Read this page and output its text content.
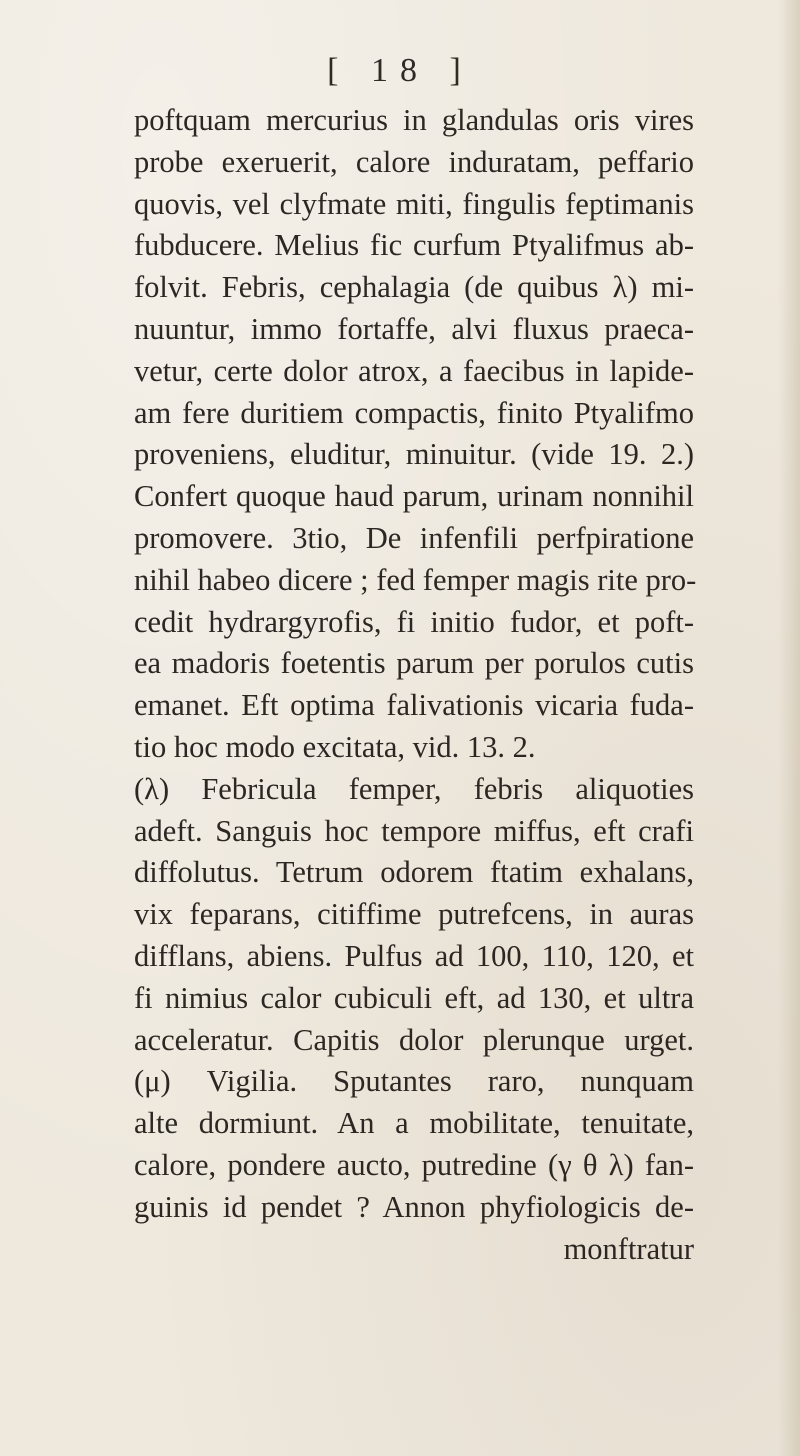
[ 18 ]
poftquam mercurius in glandulas oris vires
probe exeruerit, calore induratam, peffario
quovis, vel clyfmate miti, fingulis feptimanis
fubducere. Melius fic curfum Ptyalifmus ab-
folvit. Febris, cephalagia (de quibus λ) mi-
nuuntur, immo fortaffe, alvi fluxus praeca-
vetur, certe dolor atrox, a faecibus in lapide-
am fere duritiem compactis, finito Ptyalifmo
proveniens, eluditur, minuitur. (vide 19. 2.)
Confert quoque haud parum, urinam nonnihil
promovere. 3tio, De infenfili perfpiratione
nihil habeo dicere ; fed femper magis rite pro-
cedit hydrargyrofis, fi initio fudor, et poft-
ea madoris foetentis parum per porulos cutis
emanet. Eft optima falivationis vicaria fuda-
tio hoc modo excitata, vid. 13. 2.
(λ) Febricula femper, febris aliquoties
adeft. Sanguis hoc tempore miffus, eft crafi
diffolutus. Tetrum odorem ftatim exhalans,
vix feparans, citiffime putrefcens, in auras
difflans, abiens. Pulfus ad 100, 110, 120, et
fi nimius calor cubiculi eft, ad 130, et ultra
acceleratur. Capitis dolor plerunque urget.
(μ) Vigilia. Sputantes raro, nunquam
alte dormiunt. An a mobilitate, tenuitate,
calore, pondere aucto, putredine (γ θ λ) fan-
guinis id pendet ? Annon phyfiologicis de-
monftratur
